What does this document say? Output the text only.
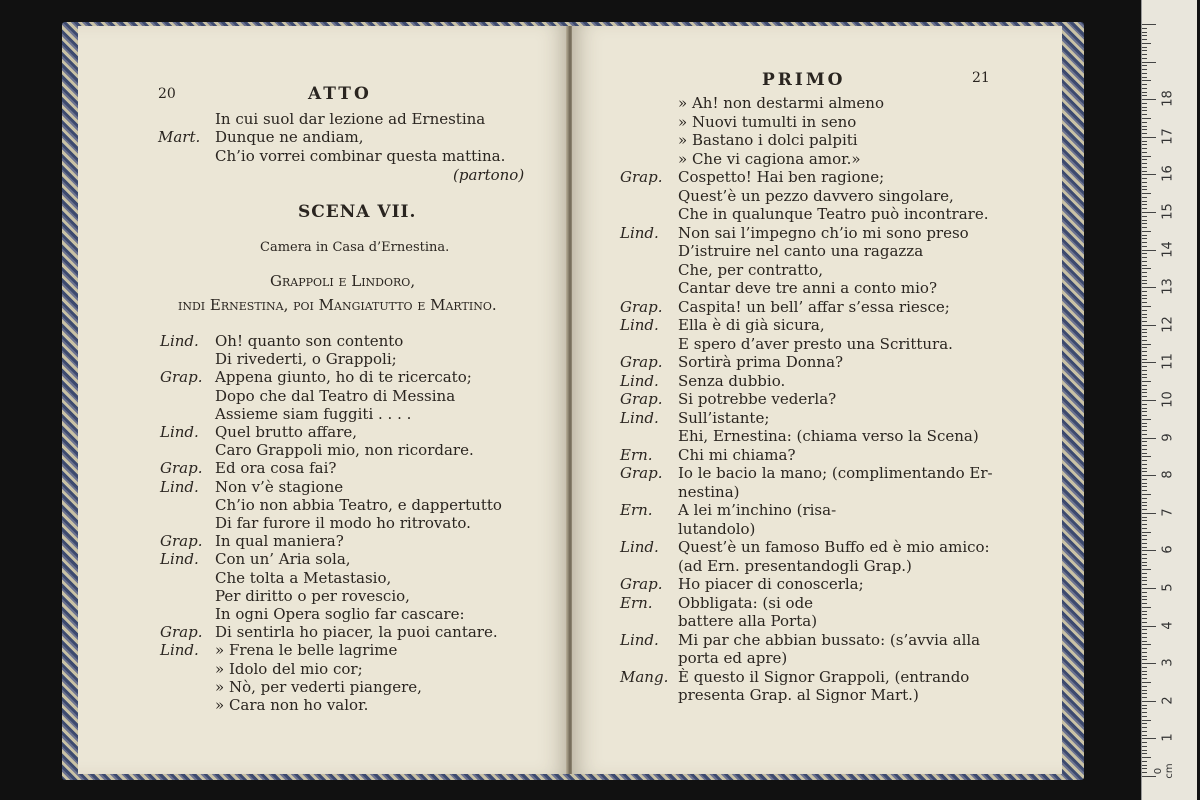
20	ATTO
In cui suol dar lezione ad Ernestina
Mart. Dunque ne andiam,
Ch’io vorrei combinar questa mattina.
(partono)
SCENA VII.
Camera in Casa d’Ernestina.
Grappoli e Lindoro,
indi Ernestina, poi Mangiatutto e Martino.
Lind. Oh! quanto son contento
Di rivederti, o Grappoli;
Grap. Appena giunto, ho di te ricercato;
Dopo che dal Teatro di Messina
Assieme siam fuggiti . . . .
Lind. Quel brutto affare,
Caro Grappoli mio, non ricordare.
Grap. Ed ora cosa fai?
Lind. Non v’è stagione
Ch’io non abbia Teatro, e dappertutto
Di far furore il modo ho ritrovato.
Grap. In qual maniera?
Lind. Con un’ Aria sola,
Che tolta a Metastasio,
Per diritto o per rovescio,
In ogni Opera soglio far cascare:
Grap. Di sentirla ho piacer, la puoi cantare.
Lind. » Frena le belle lagrime
» Idolo del mio cor;
» Nò, per vederti piangere,
» Cara non ho valor.
PRIMO	21
» Ah! non destarmi almeno
» Nuovi tumulti in seno
» Bastano i dolci palpiti
» Che vi cagiona amor.»
Grap. Cospetto! Hai ben ragione;
Quest’è un pezzo davvero singolare,
Che in qualunque Teatro può incontrare.
Lind. Non sai l’impegno ch’io mi sono preso
D’istruire nel canto una ragazza
Che, per contratto,
Cantar deve tre anni a conto mio?
Grap. Caspita! un bell’ affar s’essa riesce;
Lind. Ella è di già sicura,
E spero d’aver presto una Scrittura.
Grap. Sortirà prima Donna?
Lind. Senza dubbio.
Grap. Si potrebbe vederla?
Lind. Sull’istante;
Ehi, Ernestina: (chiama verso la Scena)
Ern. Chi mi chiama?
Grap. Io le bacio la mano; (complimentando Er-
nestina)
Ern. A lei m’inchino (risa-
lutandolo)
Lind. Quest’è un famoso Buffo ed è mio amico:
(ad Ern. presentandogli Grap.)
Grap. Ho piacer di conoscerla;
Ern. Obbligata: (si ode
battere alla Porta)
Lind. Mi par che abbian bussato: (s’avvia alla
porta ed apre)
Mang. È questo il Signor Grappoli, (entrando
presenta Grap. al Signor Mart.)
0 cm
1
2
3
4
5
6
7
8
9
10
11
12
13
14
15
16
17
18
